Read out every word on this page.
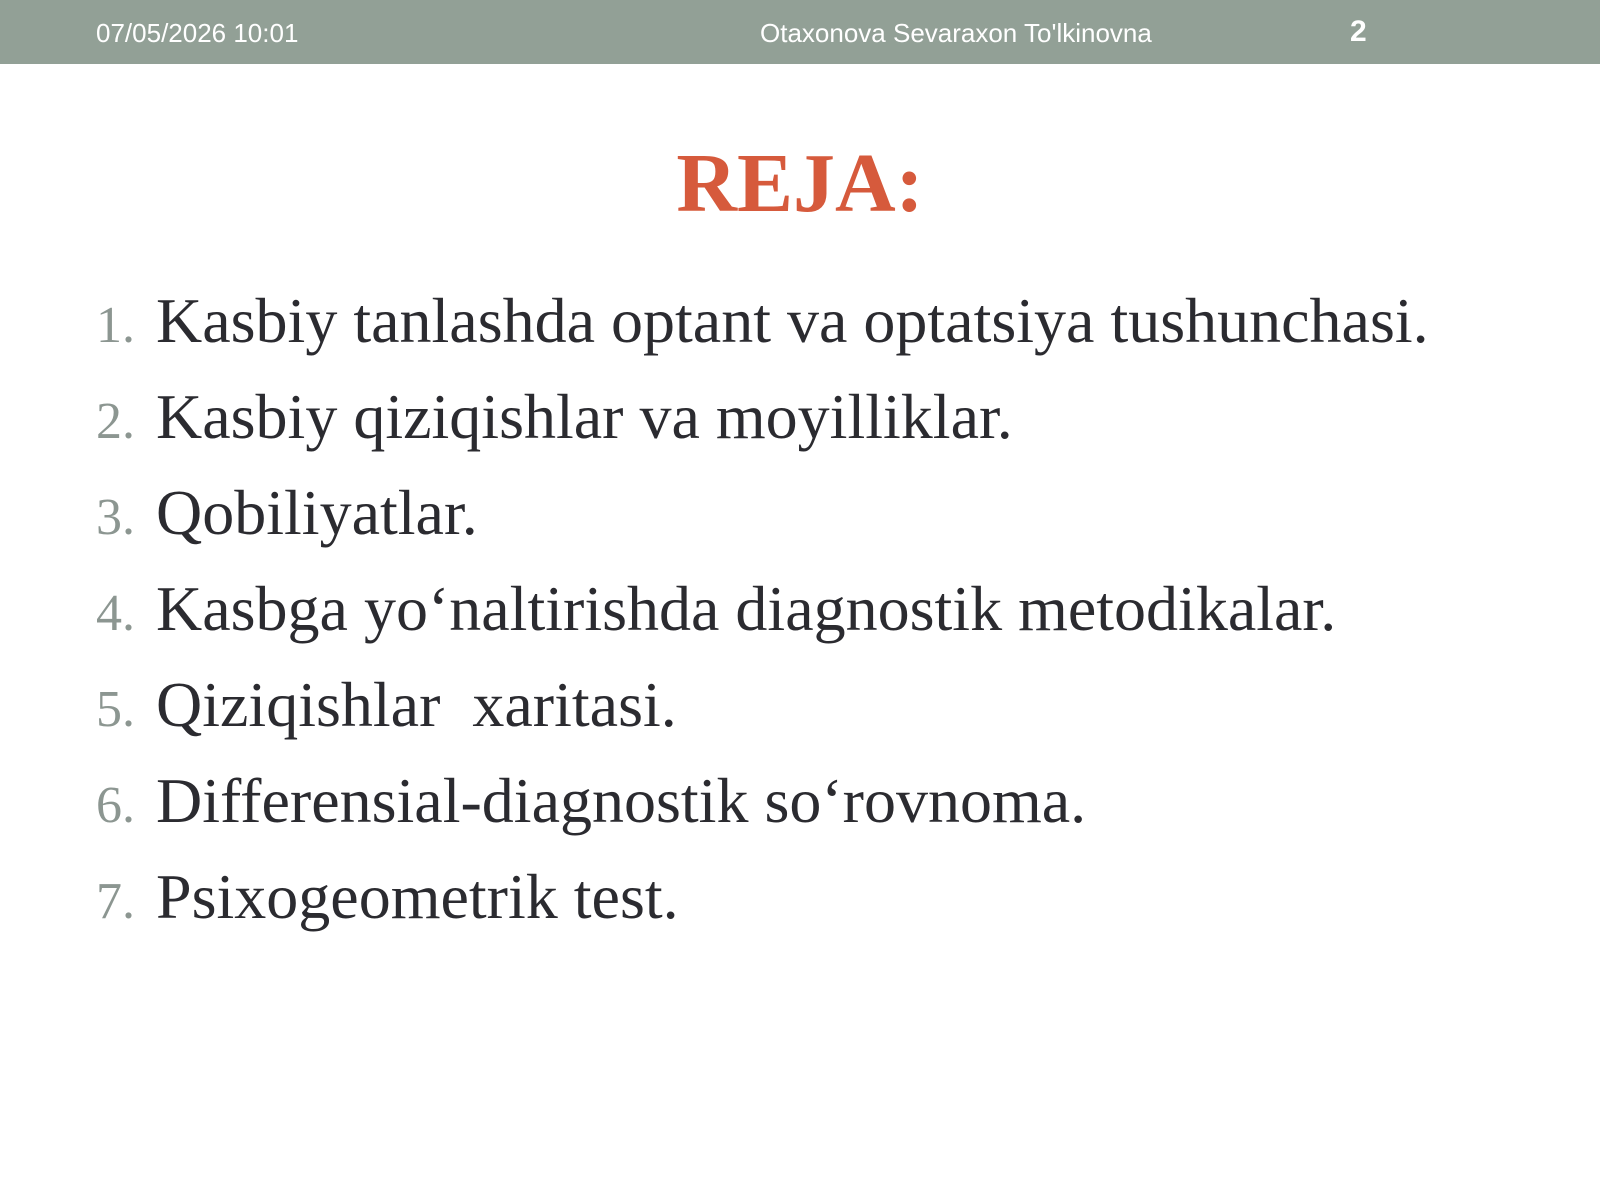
07/05/2026 10:01	Otaxonova Sevaraxon To'lkinovna	2
REJA:
1. Kasbiy tanlashda optant va optatsiya tushunchasi.
2. Kasbiy qiziqishlar va moyilliklar.
3. Qobiliyatlar.
4. Kasbga yo‘naltirishda diagnostik metodikalar.
5. Qiziqishlar  xaritasi.
6. Differensial-diagnostik so‘rovnoma.
7. Psixogeometrik test.
